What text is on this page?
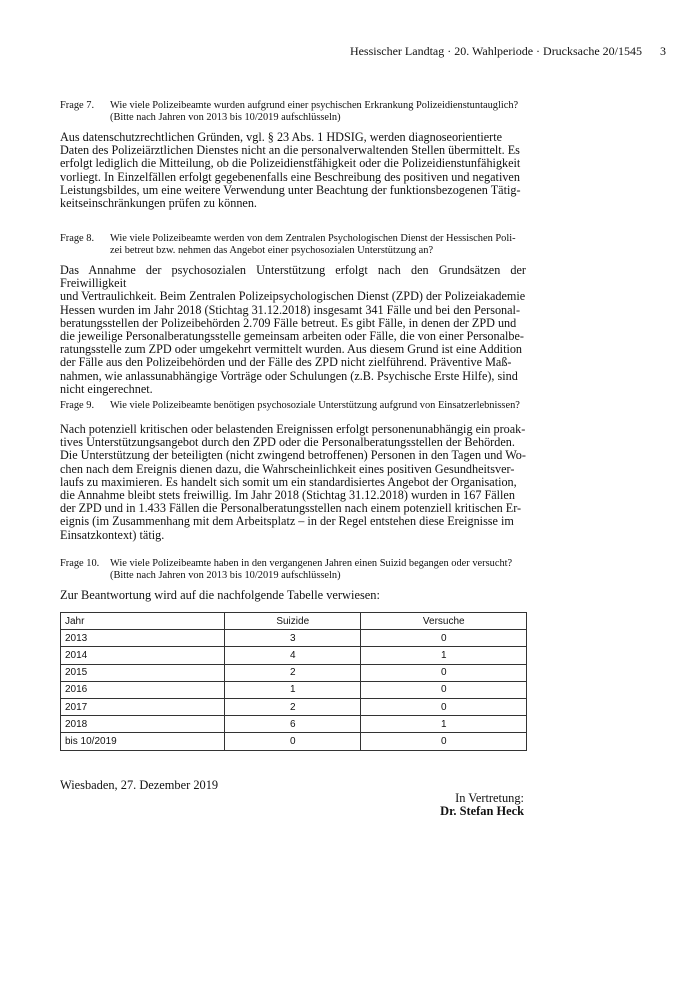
Hessischer Landtag · 20. Wahlperiode · Drucksache 20/1545 3
Frage 7.	Wie viele Polizeibeamte wurden aufgrund einer psychischen Erkrankung Polizeidienstuntauglich?
(Bitte nach Jahren von 2013 bis 10/2019 aufschlüsseln)
Aus datenschutzrechtlichen Gründen, vgl. § 23 Abs. 1 HDSIG, werden diagnoseorientierte
Daten des Polizeiärztlichen Dienstes nicht an die personalverwaltenden Stellen übermittelt. Es
erfolgt lediglich die Mitteilung, ob die Polizeidienstfähigkeit oder die Polizeidienstunfähigkeit
vorliegt. In Einzelfällen erfolgt gegebenenfalls eine Beschreibung des positiven und negativen
Leistungsbildes, um eine weitere Verwendung unter Beachtung der funktionsbezogenen Tätig-
keitseinschränkungen prüfen zu können.
Frage 8.	Wie viele Polizeibeamte werden von dem Zentralen Psychologischen Dienst der Hessischen Poli-
zei betreut bzw. nehmen das Angebot einer psychosozialen Unterstützung an?
Das Annahme der psychosozialen Unterstützung erfolgt nach den Grundsätzen der Freiwilligkeit
und Vertraulichkeit. Beim Zentralen Polizeipsychologischen Dienst (ZPD) der Polizeiakademie
Hessen wurden im Jahr 2018 (Stichtag 31.12.2018) insgesamt 341 Fälle und bei den Personal-
beratungsstellen der Polizeibehörden 2.709 Fälle betreut. Es gibt Fälle, in denen der ZPD und
die jeweilige Personalberatungsstelle gemeinsam arbeiten oder Fälle, die von einer Personalbe-
ratungsstelle zum ZPD oder umgekehrt vermittelt wurden. Aus diesem Grund ist eine Addition
der Fälle aus den Polizeibehörden und der Fälle des ZPD nicht zielführend. Präventive Maß-
nahmen, wie anlassunabhängige Vorträge oder Schulungen (z.B. Psychische Erste Hilfe), sind
nicht eingerechnet.
Frage 9.	Wie viele Polizeibeamte benötigen psychosoziale Unterstützung aufgrund von Einsatzerlebnissen?
Nach potenziell kritischen oder belastenden Ereignissen erfolgt personenunabhängig ein proak-
tives Unterstützungsangebot durch den ZPD oder die Personalberatungsstellen der Behörden.
Die Unterstützung der beteiligten (nicht zwingend betroffenen) Personen in den Tagen und Wo-
chen nach dem Ereignis dienen dazu, die Wahrscheinlichkeit eines positiven Gesundheitsver-
laufs zu maximieren. Es handelt sich somit um ein standardisiertes Angebot der Organisation,
die Annahme bleibt stets freiwillig. Im Jahr 2018 (Stichtag 31.12.2018) wurden in 167 Fällen
der ZPD und in 1.433 Fällen die Personalberatungsstellen nach einem potenziell kritischen Er-
eignis (im Zusammenhang mit dem Arbeitsplatz – in der Regel entstehen diese Ereignisse im
Einsatzkontext) tätig.
Frage 10.	Wie viele Polizeibeamte haben in den vergangenen Jahren einen Suizid begangen oder versucht?
(Bitte nach Jahren von 2013 bis 10/2019 aufschlüsseln)
Zur Beantwortung wird auf die nachfolgende Tabelle verwiesen:
Jahr	Suizide	Versuche
2013	3	0
2014	4	1
2015	2	0
2016	1	0
2017	2	0
2018	6	1
bis 10/2019	0	0
Wiesbaden, 27. Dezember 2019
In Vertretung:
Dr. Stefan Heck
